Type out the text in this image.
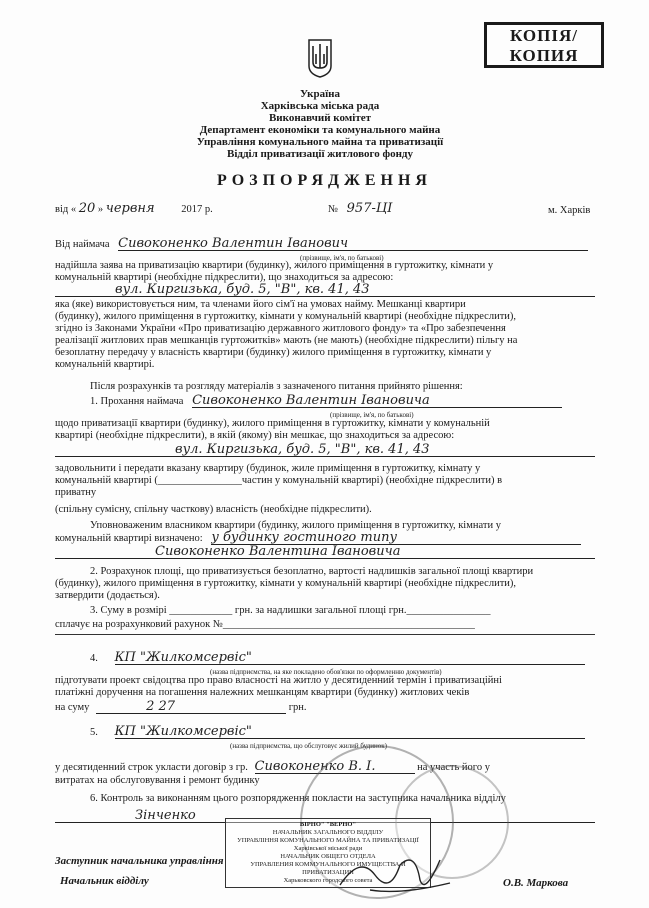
КОПІЯ/
КОПИЯ
Україна
Харківська міська рада
Виконавчий комітет
Департамент економіки та комунального майна
Управління комунального майна та приватизації
Відділ приватизації житлового фонду
РОЗПОРЯДЖЕННЯ
від « 20 » червня	2017 р.	№ 957-ЦІ	м. Харків
Від наймача Сивоконенко Валентин Іванович
(прізвище, ім'я, по батькові)
надійшла заява на приватизацію квартири (будинку), жилого приміщення в гуртожитку, кімнати у
комунальній квартирі (необхідне підкреслити), що знаходиться за адресою:
вул. Киргизька, буд. 5, "В", кв. 41, 43
яка (яке) використовується ним, та членами його сім'ї на умовах найму. Мешканці квартири
(будинку), жилого приміщення в гуртожитку, кімнати у комунальній квартирі (необхідне підкреслити),
згідно із Законами України «Про приватизацію державного житлового фонду» та «Про забезпечення
реалізації житлових прав мешканців гуртожитків» мають (не мають) (необхідне підкреслити) пільгу на
безоплатну передачу у власність квартири (будинку) жилого приміщення в гуртожитку, кімнати у
комунальній квартирі.
Після розрахунків та розгляду матеріалів з зазначеного питання прийнято рішення:
1. Прохання наймача Сивоконенко Валентин Івановича
(прізвище, ім'я, по батькові)
щодо приватизації квартири (будинку), жилого приміщення в гуртожитку, кімнати у комунальній
квартирі (необхідне підкреслити), в якій (якому) він мешкає, що знаходиться за адресою:
вул. Киргизька, буд. 5, "В", кв. 41, 43
задовольнити і передати вказану квартиру (будинок, жиле приміщення в гуртожитку, кімнату у
комунальній квартирі (________________частин у комунальній квартирі) (необхідне підкреслити) в
приватну
(спільну сумісну, спільну часткову) власність (необхідне підкреслити).
Уповноваженим власником квартири (будинку, жилого приміщення в гуртожитку, кімнати у
комунальній квартирі визначено: у будинку гостиного типу
Сивоконенко Валентина Івановича
2. Розрахунок площі, що приватизується безоплатно, вартості надлишків загальної площі квартири
(будинку), жилого приміщення в гуртожитку, кімнати у комунальній квартирі (необхідне підкреслити),
затвердити (додається).
3. Суму в розмірі ____________ грн. за надлишки загальної площі грн.________________
сплачує на розрахунковий рахунок №________________________________________________
4. КП "Жилкомсервіс"
(назва підприємства, на яке покладено обов'язки по оформленню документів)
підготувати проект свідоцтва про право власності на житло у десятиденний термін і приватизаційні
платіжні доручення на погашення належних мешканцям квартири (будинку) житлових чеків
на суму	2 27	грн.
5. КП "Жилкомсервіс"
(назва підприємства, що обслуговує жилий будинок)
у десятиденний строк укласти договір з гр. Сивоконенко В. І.	на участь його у
витратах на обслуговування і ремонт будинку
6. Контроль за виконанням цього розпорядження покласти на заступника начальника відділу
Зінченко
ВІРНО" "ВЕРНО"
НАЧАЛЬНИК ЗАГАЛЬНОГО ВІДДІЛУ
УПРАВЛІННЯ КОМУНАЛЬНОГО МАЙНА ТА ПРИВАТИЗАЦІЇ
Харківської міської ради
НАЧАЛЬНИК ОБЩЕГО ОТДЕЛА
УПРАВЛЕНИЯ КОММУНАЛЬНОГО ИМУЩЕСТВА И ПРИВАТИЗАЦИИ
Харьковского городского совета
Заступник начальника управління
Начальник відділу	О.В. Маркова
